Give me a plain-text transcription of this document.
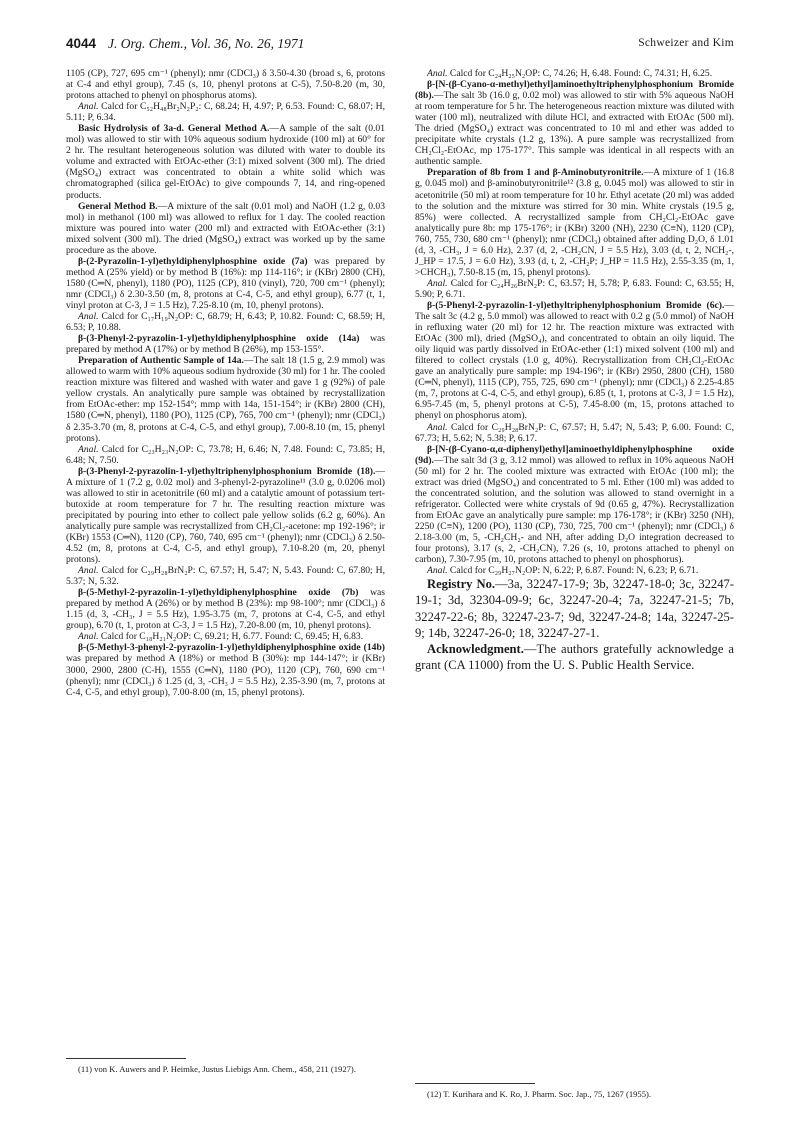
4044 J. Org. Chem., Vol. 36, No. 26, 1971	Schweizer and Kim

1105 (CP), 727, 695 cm⁻¹ (phenyl); nmr (CDCl₃) δ 3.50-4.30 (broad s, 6, protons at C-4 and ethyl group), 7.45 (s, 10, phenyl protons at C-5), 7.50-8.20 (m, 30, protons attached to phenyl on phosphorus atoms).

Anal. Calcd for C₅₂H₄₈Br₂N₂P₂: C, 68.24; H, 4.97; P, 6.53. Found: C, 68.07; H, 5.11; P, 6.34.

Basic Hydrolysis of 3a-d. General Method A.—A sample of the salt (0.01 mol) was allowed to stir with 10% aqueous sodium hydroxide (100 ml) at 60° for 2 hr. The resultant heterogeneous solution was diluted with water to double its volume and extracted with EtOAc-ether (3:1) mixed solvent (300 ml). The dried (MgSO₄) extract was concentrated to obtain a white solid which was chromatographed (silica gel-EtOAc) to give compounds 7, 14, and ring-opened products.

General Method B.—A mixture of the salt (0.01 mol) and NaOH (1.2 g, 0.03 mol) in methanol (100 ml) was allowed to reflux for 1 day. The cooled reaction mixture was poured into water (200 ml) and extracted with EtOAc-ether (3:1) mixed solvent (300 ml). The dried (MgSO₄) extract was worked up by the same procedure as the above.

β-(2-Pyrazolin-1-yl)ethyldiphenylphosphine oxide (7a) was prepared by method A (25% yield) or by method B (16%): mp 114-116°; ir (KBr) 2800 (CH), 1580 (C═N, phenyl), 1180 (PO), 1125 (CP), 810 (vinyl), 720, 700 cm⁻¹ (phenyl); nmr (CDCl₃) δ 2.30-3.50 (m, 8, protons at C-4, C-5, and ethyl group), 6.77 (t, 1, vinyl proton at C-3, J = 1.5 Hz), 7.25-8.10 (m, 10, phenyl protons).

Anal. Calcd for C₁₇H₁₉N₂OP: C, 68.79; H, 6.43; P, 10.82. Found: C, 68.59; H, 6.53; P, 10.88.

β-(3-Phenyl-2-pyrazolin-1-yl)ethyldiphenylphosphine oxide (14a) was prepared by method A (17%) or by method B (26%), mp 153-155°.

Preparation of Authentic Sample of 14a.—The salt 18 (1.5 g, 2.9 mmol) was allowed to warm with 10% aqueous sodium hydroxide (30 ml) for 1 hr. The cooled reaction mixture was filtered and washed with water and gave 1 g (92%) of pale yellow crystals. An analytically pure sample was obtained by recrystallization from EtOAc-ether: mp 152-154°; mmp with 14a, 151-154°; ir (KBr) 2800 (CH), 1580 (C═N, phenyl), 1180 (PO), 1125 (CP), 765, 700 cm⁻¹ (phenyl); nmr (CDCl₃) δ 2.35-3.70 (m, 8, protons at C-4, C-5, and ethyl group), 7.00-8.10 (m, 15, phenyl protons).

Anal. Calcd for C₂₃H₂₃N₂OP: C, 73.78; H, 6.46; N, 7.48. Found: C, 73.85; H, 6.48; N, 7.50.

β-(3-Phenyl-2-pyrazolin-1-yl)ethyltriphenylphosphonium Bromide (18).—A mixture of 1 (7.2 g, 0.02 mol) and 3-phenyl-2-pyrazoline¹¹ (3.0 g, 0.0206 mol) was allowed to stir in acetonitrile (60 ml) and a catalytic amount of potassium tert-butoxide at room temperature for 7 hr. The resulting reaction mixture was precipitated by pouring into ether to collect pale yellow solids (6.2 g, 60%). An analytically pure sample was recrystallized from CH₂Cl₂-acetone: mp 192-196°; ir (KBr) 1553 (C═N), 1120 (CP), 760, 740, 695 cm⁻¹ (phenyl); nmr (CDCl₃) δ 2.50-4.52 (m, 8, protons at C-4, C-5, and ethyl group), 7.10-8.20 (m, 20, phenyl protons).

Anal. Calcd for C₂₉H₂₈BrN₂P: C, 67.57; H, 5.47; N, 5.43. Found: C, 67.80; H, 5.37; N, 5.32.

β-(5-Methyl-2-pyrazolin-1-yl)ethyldiphenylphosphine oxide (7b) was prepared by method A (26%) or by method B (23%): mp 98-100°; nmr (CDCl₃) δ 1.15 (d, 3, -CH₃, J = 5.5 Hz), 1.95-3.75 (m, 7, protons at C-4, C-5, and ethyl group), 6.70 (t, 1, proton at C-3, J = 1.5 Hz), 7.20-8.00 (m, 10, phenyl protons).

Anal. Calcd for C₁₈H₂₁N₂OP: C, 69.21; H, 6.77. Found: C, 69.45; H, 6.83.

β-(5-Methyl-3-phenyl-2-pyrazolin-1-yl)ethyldiphenylphosphine oxide (14b) was prepared by method A (18%) or method B (30%): mp 144-147°; ir (KBr) 3000, 2900, 2800 (C-H), 1555 (C═N), 1180 (PO), 1120 (CP), 760, 690 cm⁻¹ (phenyl); nmr (CDCl₃) δ 1.25 (d, 3, -CH₃ J = 5.5 Hz), 2.35-3.90 (m, 7, protons at C-4, C-5, and ethyl group), 7.00-8.00 (m, 15, phenyl protons).

Anal. Calcd for C₂₄H₂₅N₂OP: C, 74.26; H, 6.48. Found: C, 74.31; H, 6.25.

β-[N-(β-Cyano-α-methyl)ethyl]aminoethyltriphenylphosphonium Bromide (8b).—The salt 3b (16.0 g, 0.02 mol) was allowed to stir with 5% aqueous NaOH at room temperature for 5 hr. The heterogeneous reaction mixture was diluted with water (100 ml), neutralized with dilute HCl, and extracted with EtOAc (500 ml). The dried (MgSO₄) extract was concentrated to 10 ml and ether was added to precipitate white crystals (1.2 g, 13%). A pure sample was recrystallized from CH₂Cl₂-EtOAc, mp 175-177°. This sample was identical in all respects with an authentic sample.

Preparation of 8b from 1 and β-Aminobutyronitrile.—A mixture of 1 (16.8 g, 0.045 mol) and β-aminobutyronitrile¹² (3.8 g, 0.045 mol) was allowed to stir in acetonitrile (50 ml) at room temperature for 10 hr. Ethyl acetate (20 ml) was added to the solution and the mixture was stirred for 30 min. White crystals (19.5 g, 85%) were collected. A recrystallized sample from CH₂Cl₂-EtOAc gave analytically pure 8b: mp 175-176°; ir (KBr) 3200 (NH), 2230 (C≡N), 1120 (CP), 760, 755, 730, 680 cm⁻¹ (phenyl); nmr (CDCl₃) obtained after adding D₂O, δ 1.01 (d, 3, -CH₃, J = 6.0 Hz), 2.37 (d, 2, -CH₂CN, J = 5.5 Hz), 3.03 (d, t, 2, NCH₂-, J_HP = 17.5, J = 6.0 Hz), 3.93 (d, t, 2, -CH₂P; J_HP = 11.5 Hz), 2.55-3.35 (m, 1, >CHCH₃), 7.50-8.15 (m, 15, phenyl protons).

Anal. Calcd for C₂₄H₂₆BrN₂P: C, 63.57; H, 5.78; P, 6.83. Found: C, 63.55; H, 5.90; P, 6.71.

β-(5-Phenyl-2-pyrazolin-1-yl)ethyltriphenylphosphonium Bromide (6c).—The salt 3c (4.2 g, 5.0 mmol) was allowed to react with 0.2 g (5.0 mmol) of NaOH in refluxing water (20 ml) for 12 hr. The reaction mixture was extracted with EtOAc (300 ml), dried (MgSO₄), and concentrated to obtain an oily liquid. The oily liquid was partly dissolved in EtOAc-ether (1:1) mixed solvent (100 ml) and filtered to collect crystals (1.0 g, 40%). Recrystallization from CH₂Cl₂-EtOAc gave an analytically pure sample: mp 194-196°; ir (KBr) 2950, 2800 (CH), 1580 (C═N, phenyl), 1115 (CP), 755, 725, 690 cm⁻¹ (phenyl); nmr (CDCl₃) δ 2.25-4.85 (m, 7, protons at C-4, C-5, and ethyl group), 6.85 (t, 1, protons at C-3, J = 1.5 Hz), 6.95-7.45 (m, 5, phenyl protons at C-5), 7.45-8.00 (m, 15, protons attached to phenyl on phosphorus atom).

Anal. Calcd for C₂₉H₂₈BrN₂P: C, 67.57; H, 5.47; N, 5.43; P, 6.00. Found: C, 67.73; H, 5.62; N, 5.38; P, 6.17.

β-[N-(β-Cyano-α,α-diphenyl)ethyl]aminoethyldiphenylphosphine oxide (9d).—The salt 3d (3 g, 3.12 mmol) was allowed to reflux in 10% aqueous NaOH (50 ml) for 2 hr. The cooled mixture was extracted with EtOAc (100 ml); the extract was dried (MgSO₄) and concentrated to 5 ml. Ether (100 ml) was added to the concentrated solution, and the solution was allowed to stand overnight in a refrigerator. Collected were white crystals of 9d (0.65 g, 47%). Recrystallization from EtOAc gave an analytically pure sample: mp 176-178°; ir (KBr) 3250 (NH), 2250 (C≡N), 1200 (PO), 1130 (CP), 730, 725, 700 cm⁻¹ (phenyl); nmr (CDCl₃) δ 2.18-3.00 (m, 5, -CH₂CH₂- and NH, after adding D₂O integration decreased to four protons), 3.17 (s, 2, -CH₂CN), 7.26 (s, 10, protons attached to phenyl on carbon), 7.30-7.95 (m, 10, protons attached to phenyl on phosphorus).

Anal. Calcd for C₂₉H₂₇N₂OP: N, 6.22; P, 6.87. Found: N, 6.23; P, 6.71.

Registry No.—3a, 32247-17-9; 3b, 32247-18-0; 3c, 32247-19-1; 3d, 32304-09-9; 6c, 32247-20-4; 7a, 32247-21-5; 7b, 32247-22-6; 8b, 32247-23-7; 9d, 32247-24-8; 14a, 32247-25-9; 14b, 32247-26-0; 18, 32247-27-1.

Acknowledgment.—The authors gratefully acknowledge a grant (CA 11000) from the U. S. Public Health Service.

(11) von K. Auwers and P. Heimke, Justus Liebigs Ann. Chem., 458, 211 (1927).

(12) T. Kurihara and K. Ro, J. Pharm. Soc. Jap., 75, 1267 (1955).
